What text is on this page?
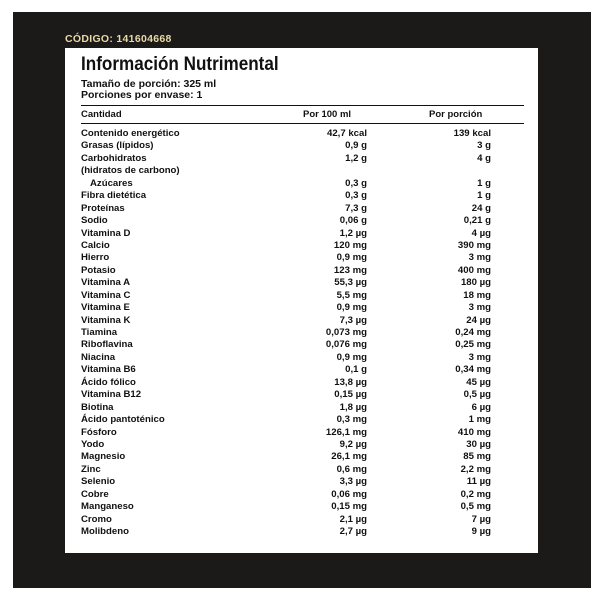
CÓDIGO: 141604668
Información Nutrimental
Tamaño de porción: 325 ml
Porciones por envase: 1
Cantidad	Por 100 ml	Por porción
Contenido energético	42,7 kcal	139 kcal
Grasas (lípidos)	0,9 g	3 g
Carbohidratos	1,2 g	4 g
(hidratos de carbono)
Azúcares	0,3 g	1 g
Fibra dietética	0,3 g	1 g
Proteínas	7,3 g	24 g
Sodio	0,06 g	0,21 g
Vitamina D	1,2 µg	4 µg
Calcio	120 mg	390 mg
Hierro	0,9 mg	3 mg
Potasio	123 mg	400 mg
Vitamina A	55,3 µg	180 µg
Vitamina C	5,5 mg	18 mg
Vitamina E	0,9 mg	3 mg
Vitamina K	7,3 µg	24 µg
Tiamina	0,073 mg	0,24 mg
Riboflavina	0,076 mg	0,25 mg
Niacina	0,9 mg	3 mg
Vitamina B6	0,1 g	0,34 mg
Ácido fólico	13,8 µg	45 µg
Vitamina B12	0,15 µg	0,5 µg
Biotina	1,8 µg	6 µg
Ácido pantoténico	0,3 mg	1 mg
Fósforo	126,1 mg	410 mg
Yodo	9,2 µg	30 µg
Magnesio	26,1 mg	85 mg
Zinc	0,6 mg	2,2 mg
Selenio	3,3 µg	11 µg
Cobre	0,06 mg	0,2 mg
Manganeso	0,15 mg	0,5 mg
Cromo	2,1 µg	7 µg
Molibdeno	2,7 µg	9 µg
